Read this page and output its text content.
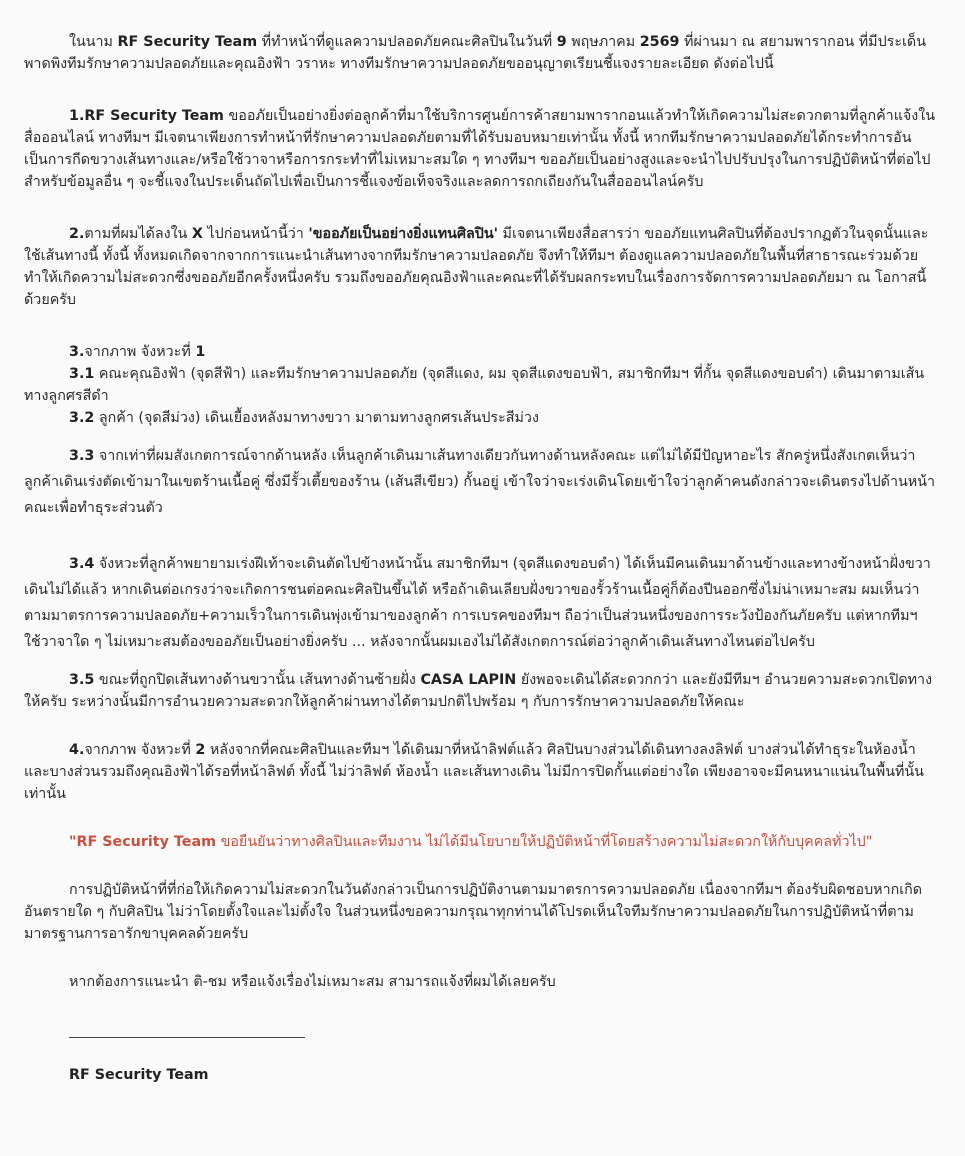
ในนาม RF Security Team ที่ทำหน้าที่ดูแลความปลอดภัยคณะศิลปินในวันที่ 9 พฤษภาคม 2569 ที่ผ่านมา ณ สยามพารากอน ที่มีประเด็นพาดพิงทีมรักษาความปลอดภัยและคุณอิงฟ้า วราหะ ทางทีมรักษาความปลอดภัยขออนุญาตเรียนชี้แจงรายละเอียด ดังต่อไปนี้

1.RF Security Team ขออภัยเป็นอย่างยิ่งต่อลูกค้าที่มาใช้บริการศูนย์การค้าสยามพารากอนแล้วทำให้เกิดความไม่สะดวกตามที่ลูกค้าแจ้งในสื่อออนไลน์ ทางทีมฯ มีเจตนาเพียงการทำหน้าที่รักษาความปลอดภัยตามที่ได้รับมอบหมายเท่านั้น ทั้งนี้ หากทีมรักษาความปลอดภัยได้กระทำการอันเป็นการกีดขวางเส้นทางและ/หรือใช้วาจาหรือการกระทำที่ไม่เหมาะสมใด ๆ ทางทีมฯ ขออภัยเป็นอย่างสูงและจะนำไปปรับปรุงในการปฏิบัติหน้าที่ต่อไป สำหรับข้อมูลอื่น ๆ จะชี้แจงในประเด็นถัดไปเพื่อเป็นการชี้แจงข้อเท็จจริงและลดการถกเถียงกันในสื่อออนไลน์ครับ

2.ตามที่ผมได้ลงใน X ไปก่อนหน้านี้ว่า 'ขออภัยเป็นอย่างยิ่งแทนศิลปิน' มีเจตนาเพียงสื่อสารว่า ขออภัยแทนศิลปินที่ต้องปรากฏตัวในจุดนั้นและใช้เส้นทางนี้ ทั้งนี้ ทั้งหมดเกิดจากจากการแนะนำเส้นทางจากทีมรักษาความปลอดภัย จึงทำให้ทีมฯ ต้องดูแลความปลอดภัยในพื้นที่สาธารณะร่วมด้วย ทำให้เกิดความไม่สะดวกซึ่งขออภัยอีกครั้งหนึ่งครับ รวมถึงขออภัยคุณอิงฟ้าและคณะที่ได้รับผลกระทบในเรื่องการจัดการความปลอดภัยมา ณ โอกาสนี้ด้วยครับ

3.จากภาพ จังหวะที่ 1

3.1 คณะคุณอิงฟ้า (จุดสีฟ้า) และทีมรักษาความปลอดภัย (จุดสีแดง, ผม จุดสีแดงขอบฟ้า, สมาชิกทีมฯ ที่กั้น จุดสีแดงขอบดำ) เดินมาตามเส้นทางลูกศรสีดำ

3.2 ลูกค้า (จุดสีม่วง) เดินเยื้องหลังมาทางขวา มาตามทางลูกศรเส้นประสีม่วง

3.3 จากเท่าที่ผมสังเกตการณ์จากด้านหลัง เห็นลูกค้าเดินมาเส้นทางเดียวกันทางด้านหลังคณะ แต่ไม่ได้มีปัญหาอะไร สักครู่หนึ่งสังเกตเห็นว่าลูกค้าเดินเร่งตัดเข้ามาในเขตร้านเนื้อคู่ ซึ่งมีรั้วเตี้ยของร้าน (เส้นสีเขียว) กั้นอยู่ เข้าใจว่าจะเร่งเดินโดยเข้าใจว่าลูกค้าคนดังกล่าวจะเดินตรงไปด้านหน้าคณะเพื่อทำธุระส่วนตัว

3.4 จังหวะที่ลูกค้าพยายามเร่งฝีเท้าจะเดินตัดไปข้างหน้านั้น สมาชิกทีมฯ (จุดสีแดงขอบดำ) ได้เห็นมีคนเดินมาด้านข้างและทางข้างหน้าฝั่งขวาเดินไม่ได้แล้ว หากเดินต่อเกรงว่าจะเกิดการชนต่อคณะศิลปินขึ้นได้ หรือถ้าเดินเลียบฝั่งขวาของรั้วร้านเนื้อคู่ก็ต้องปีนออกซึ่งไม่น่าเหมาะสม ผมเห็นว่าตามมาตรการความปลอดภัย+ความเร็วในการเดินพุ่งเข้ามาของลูกค้า การเบรคของทีมฯ ถือว่าเป็นส่วนหนึ่งของการระวังป้องกันภัยครับ แต่หากทีมฯ ใช้วาจาใด ๆ ไม่เหมาะสมต้องขออภัยเป็นอย่างยิ่งครับ ... หลังจากนั้นผมเองไม่ได้สังเกตการณ์ต่อว่าลูกค้าเดินเส้นทางไหนต่อไปครับ

3.5 ขณะที่ถูกปิดเส้นทางด้านขวานั้น เส้นทางด้านซ้ายฝั่ง CASA LAPIN ยังพอจะเดินได้สะดวกกว่า และยังมีทีมฯ อำนวยความสะดวกเปิดทางให้ครับ ระหว่างนั้นมีการอำนวยความสะดวกให้ลูกค้าผ่านทางได้ตามปกติไปพร้อม ๆ กับการรักษาความปลอดภัยให้คณะ

4.จากภาพ จังหวะที่ 2 หลังจากที่คณะศิลปินและทีมฯ ได้เดินมาที่หน้าลิฟต์แล้ว ศิลปินบางส่วนได้เดินทางลงลิฟต์ บางส่วนได้ทำธุระในห้องน้ำ และบางส่วนรวมถึงคุณอิงฟ้าได้รอที่หน้าลิฟต์ ทั้งนี้ ไม่ว่าลิฟต์ ห้องน้ำ และเส้นทางเดิน ไม่มีการปิดกั้นแต่อย่างใด เพียงอาจจะมีคนหนาแน่นในพื้นที่นั้นเท่านั้น

"RF Security Team ขอยืนยันว่าทางศิลปินและทีมงาน ไม่ได้มีนโยบายให้ปฏิบัติหน้าที่โดยสร้างความไม่สะดวกให้กับบุคคลทั่วไป"

การปฏิบัติหน้าที่ที่ก่อให้เกิดความไม่สะดวกในวันดังกล่าวเป็นการปฏิบัติงานตามมาตรการความปลอดภัย เนื่องจากทีมฯ ต้องรับผิดชอบหากเกิดอันตรายใด ๆ กับศิลปิน ไม่ว่าโดยตั้งใจและไม่ตั้งใจ ในส่วนหนึ่งขอความกรุณาทุกท่านได้โปรดเห็นใจทีมรักษาความปลอดภัยในการปฏิบัติหน้าที่ตามมาตรฐานการอารักขาบุคคลด้วยครับ

หากต้องการแนะนำ ติ-ชม หรือแจ้งเรื่องไม่เหมาะสม สามารถแจ้งที่ผมได้เลยครับ

RF Security Team
